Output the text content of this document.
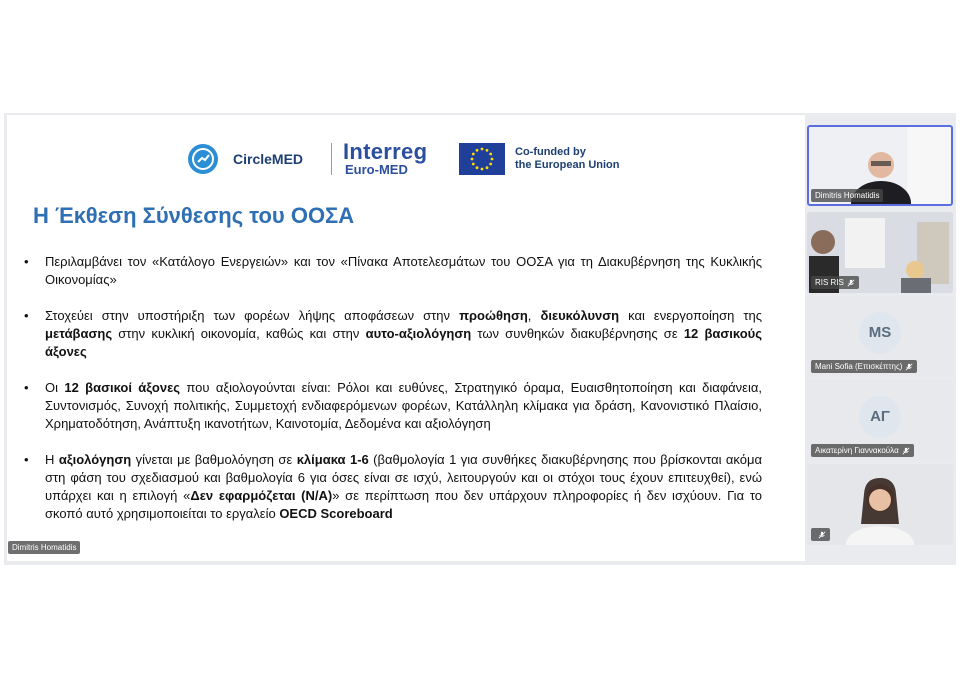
CircleMED Interreg
Euro-MED
Co-funded by
the European Union
Η Έκθεση Σύνθεσης του ΟΟΣΑ
• Περιλαμβάνει τον «Κατάλογο Ενεργειών» και τον «Πίνακα Αποτελεσμάτων του ΟΟΣΑ για τη Διακυβέρνηση της Κυκλικής Οικονομίας»
• Στοχεύει στην υποστήριξη των φορέων λήψης αποφάσεων στην προώθηση, διευκόλυνση και ενεργοποίηση της μετάβασης στην κυκλική οικονομία, καθώς και στην αυτο-αξιολόγηση των συνθηκών διακυβέρνησης σε 12 βασικούς άξονες
• Οι 12 βασικοί άξονες που αξιολογούνται είναι: Ρόλοι και ευθύνες, Στρατηγικό όραμα, Ευαισθητοποίηση και διαφάνεια, Συντονισμός, Συνοχή πολιτικής, Συμμετοχή ενδιαφερόμενων φορέων, Κατάλληλη κλίμακα για δράση, Κανονιστικό Πλαίσιο, Χρηματοδότηση, Ανάπτυξη ικανοτήτων, Καινοτομία, Δεδομένα και αξιολόγηση
• Η αξιολόγηση γίνεται με βαθμολόγηση σε κλίμακα 1-6 (βαθμολογία 1 για συνθήκες διακυβέρνησης που βρίσκονται ακόμα στη φάση του σχεδιασμού και βαθμολογία 6 για όσες είναι σε ισχύ, λειτουργούν και οι στόχοι τους έχουν επιτευχθεί), ενώ υπάρχει και η επιλογή «Δεν εφαρμόζεται (N/A)» σε περίπτωση που δεν υπάρχουν πληροφορίες ή δεν ισχύουν. Για το σκοπό αυτό χρησιμοποιείται το εργαλείο OECD Scoreboard
Dimitris Homatidis
Dimitris Homatidis
RIS RIS
MS
Mani Sofia (Επισκέπτης)
ΑΓ
Αικατερίνη Γιαννακούλα
